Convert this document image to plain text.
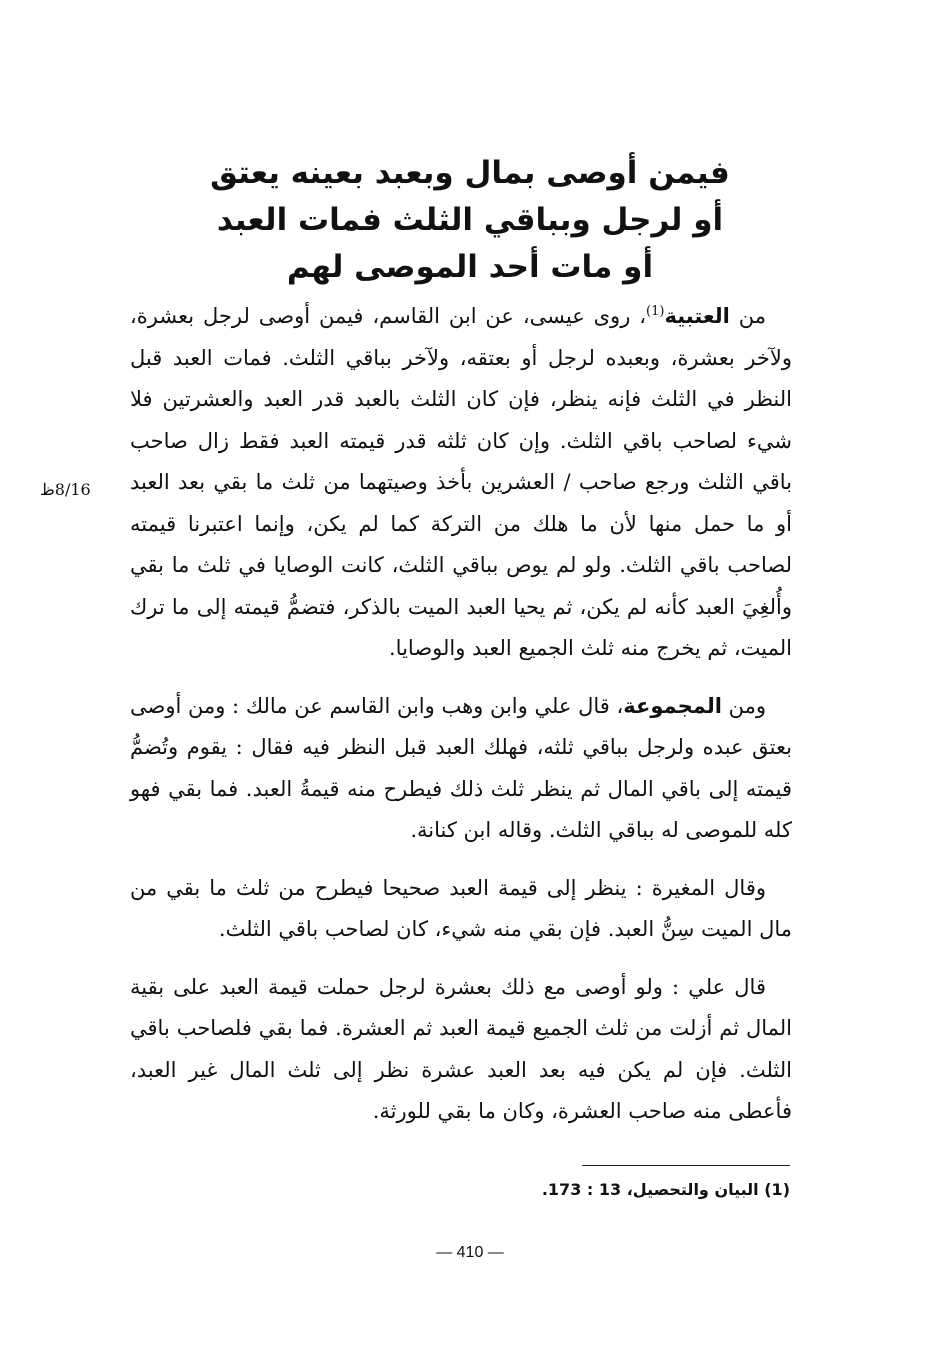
فيمن أوصى بمال وبعبد بعينه يعتق
أو لرجل وبباقي الثلث فمات العبد
أو مات أحد الموصى لهم
8/16ظ

من العتبية$^{(1)}$، روى عيسى، عن ابن القاسم، فيمن أوصى لرجل بعشرة، ولآخر بعشرة، وبعبده لرجل أو بعتقه، ولآخر بباقي الثلث. فمات العبد قبل النظر في الثلث فإنه ينظر، فإن كان الثلث بالعبد قدر العبد والعشرتين فلا شيء لصاحب باقي الثلث. وإن كان ثلثه قدر قيمته العبد فقط زال صاحب باقي الثلث ورجع صاحب / العشرين بأخذ وصيتهما من ثلث ما بقي بعد العبد أو ما حمل منها لأن ما هلك من التركة كما لم يكن، وإنما اعتبرنا قيمته لصاحب باقي الثلث. ولو لم يوص بباقي الثلث، كانت الوصايا في ثلث ما بقي وأُلغِيَ العبد كأنه لم يكن، ثم يحيا العبد الميت بالذكر، فتضمُّ قيمته إلى ما ترك الميت، ثم يخرج منه ثلث الجميع العبد والوصايا.

ومن المجموعة، قال علي وابن وهب وابن القاسم عن مالك : ومن أوصى بعتق عبده ولرجل بباقي ثلثه، فهلك العبد قبل النظر فيه فقال : يقوم وتُضمُّ قيمته إلى باقي المال ثم ينظر ثلث ذلك فيطرح منه قيمةُ العبد. فما بقي فهو كله للموصى له بباقي الثلث. وقاله ابن كنانة.

وقال المغيرة : ينظر إلى قيمة العبد صحيحا فيطرح من ثلث ما بقي من مال الميت سِنُّ العبد. فإن بقي منه شيء، كان لصاحب باقي الثلث.

قال علي : ولو أوصى مع ذلك بعشرة لرجل حملت قيمة العبد على بقية المال ثم أزلت من ثلث الجميع قيمة العبد ثم العشرة. فما بقي فلصاحب باقي الثلث. فإن لم يكن فيه بعد العبد عشرة نظر إلى ثلث المال غير العبد، فأعطى منه صاحب العشرة، وكان ما بقي للورثة.

(1) البيان والتحصيل، 13 : 173.
— 410 —
